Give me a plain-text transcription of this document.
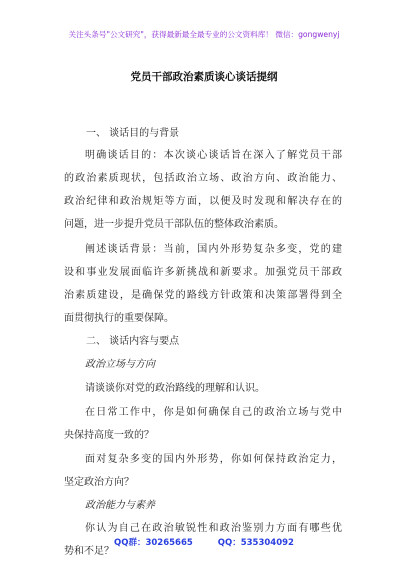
关注头条号"公文研究"，获得最新最全最专业的公文资料库！ 微信：gongwenyj
党员干部政治素质谈心谈话提纲
一、 谈话目的与背景
明确谈话目的：本次谈心谈话旨在深入了解党员干部
的政治素质现状，包括政治立场、政治方向、政治能力、
政治纪律和政治规矩等方面，以便及时发现和解决存在的
问题，进一步提升党员干部队伍的整体政治素质。
阐述谈话背景：当前，国内外形势复杂多变，党的建
设和事业发展面临许多新挑战和新要求。加强党员干部政
治素质建设，是确保党的路线方针政策和决策部署得到全
面贯彻执行的重要保障。
二、 谈话内容与要点
政治立场与方向
请谈谈你对党的政治路线的理解和认识。
在日常工作中，你是如何确保自己的政治立场与党中
央保持高度一致的？
面对复杂多变的国内外形势，你如何保持政治定力，
坚定政治方向？
政治能力与素养
你认为自己在政治敏锐性和政治鉴别力方面有哪些优
势和不足？
QQ群：30265665	QQ：535304092
